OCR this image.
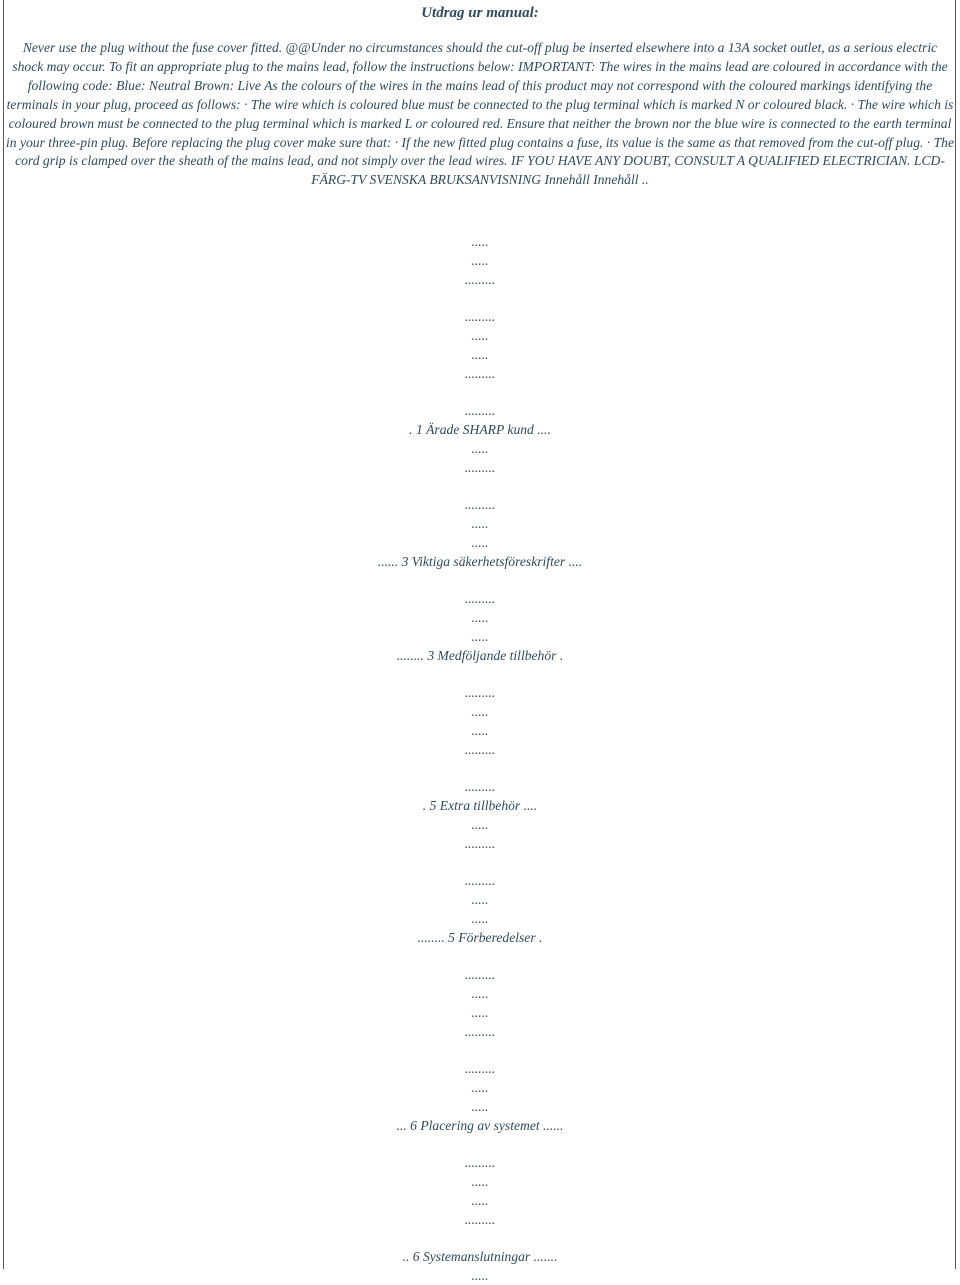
Utdrag ur manual:

Never use the plug without the fuse cover fitted. @@Under no circumstances should the cut-off plug be inserted elsewhere into a 13A socket outlet, as a serious electric shock may occur. To fit an appropriate plug to the mains lead, follow the instructions below: IMPORTANT: The wires in the mains lead are coloured in accordance with the following code: Blue: Neutral Brown: Live As the colours of the wires in the mains lead of this product may not correspond with the coloured markings identifying the terminals in your plug, proceed as follows: · The wire which is coloured blue must be connected to the plug terminal which is marked N or coloured black. · The wire which is coloured brown must be connected to the plug terminal which is marked L or coloured red. Ensure that neither the brown nor the blue wire is connected to the earth terminal in your three-pin plug. Before replacing the plug cover make sure that: · If the new fitted plug contains a fuse, its value is the same as that removed from the cut-off plug. · The cord grip is clamped over the sheath of the mains lead, and not simply over the lead wires. IF YOU HAVE ANY DOUBT, CONSULT A QUALIFIED ELECTRICIAN. LCD-FÄRG-TV SVENSKA BRUKSANVISNING Innehåll Innehåll ..

.....
.....
.........
.........
.....
.....
.........
.........
. 1 Ärade SHARP kund ....
.....
.........
.........
.....
.....
...... 3 Viktiga säkerhetsföreskrifter ....
.........
.....
.....
........ 3 Medföljande tillbehör .
.........
.....
.....
.........
.........
. 5 Extra tillbehör ....
.....
.........
.........
.....
.....
........ 5 Förberedelser .
.........
.....
.....
.........
.........
.....
.....
... 6 Placering av systemet ......
.........
.....
.....
.........
.. 6 Systemanslutningar .......
.....
